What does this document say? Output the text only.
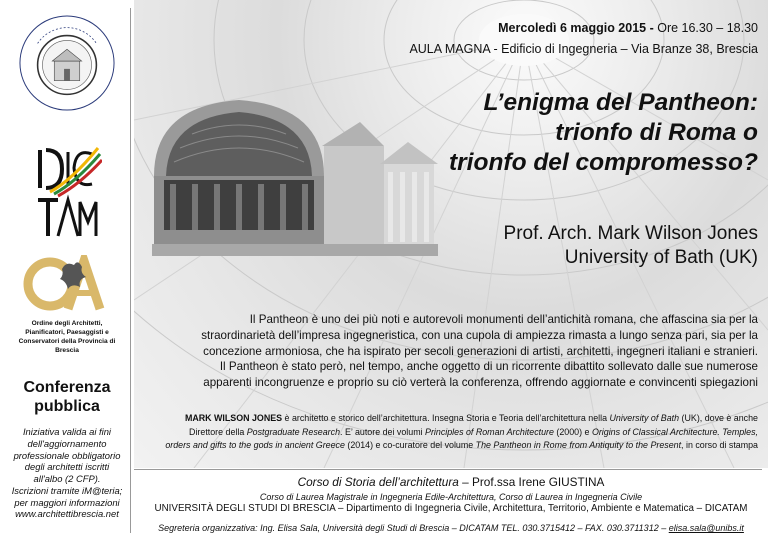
Ordine degli Architetti,
Pianificatori, Paesaggisti e
Conservatori della Provincia di
Brescia
Conferenza
pubblica
Iniziativa valida ai fini
dell'aggiornamento
professionale obbligatorio
degli architetti iscritti
all'albo (2 CFP).
Iscrizioni tramite iM@teria;
per maggiori informazioni
www.architettibrescia.net
Mercoledì 6 maggio 2015 - Ore 16.30 – 18.30
AULA MAGNA - Edificio di Ingegneria – Via Branze 38, Brescia
L’enigma del Pantheon:
trionfo di Roma o
trionfo del compromesso?
Prof. Arch. Mark Wilson Jones
University of Bath (UK)
Il Pantheon è uno dei più noti e autorevoli monumenti dell’antichità romana, che affascina sia per la
straordinarietà dell’impresa ingegneristica, con una cupola di ampiezza rimasta a lungo senza pari, sia per la
concezione armoniosa, che ha ispirato per secoli generazioni di artisti, architetti, ingegneri italiani e stranieri.
Il Pantheon è stato però, nel tempo, anche oggetto di un ricorrente dibattito sollevato dalle sue numerose
apparenti incongruenze e proprio su ciò verterà la conferenza, offrendo aggiornate e convincenti spiegazioni
MARK WILSON JONES è architetto e storico dell’architettura. Insegna Storia e Teoria dell’architettura nella University of Bath (UK), dove è anche
Direttore della Postgraduate Research. E’ autore dei volumi Principles of Roman Architecture (2000) e Origins of Classical Architecture. Temples,
orders and gifts to the gods in ancient Greece (2014) e co-curatore del volume The Pantheon in Rome from Antiquity to the Present, in corso di stampa
Corso di Storia dell’architettura – Prof.ssa Irene GIUSTINA
Corso di Laurea Magistrale in Ingegneria Edile-Architettura, Corso di Laurea in Ingegneria Civile
UNIVERSITÀ DEGLI STUDI DI BRESCIA – Dipartimento di Ingegneria Civile, Architettura, Territorio, Ambiente e Matematica – DICATAM
Segreteria organizzativa: Ing. Elisa Sala, Università degli Studi di Brescia – DICATAM TEL. 030.3715412 – FAX. 030.3711312 – elisa.sala@unibs.it
